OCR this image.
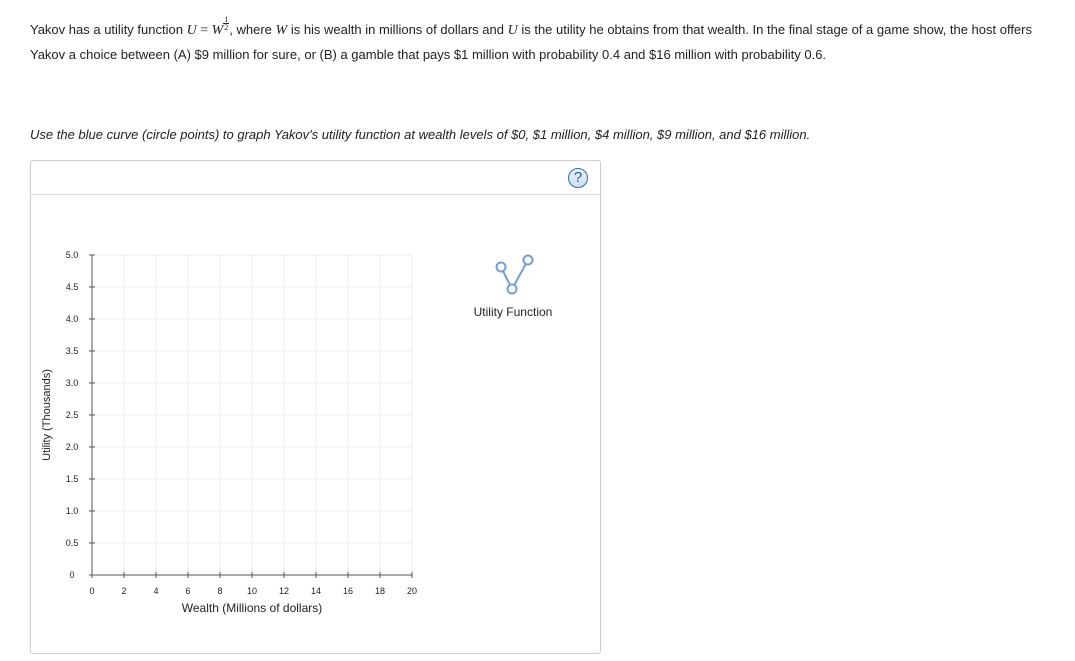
Yakov has a utility function U = W $\frac{1}{2}$ , where W is his wealth in millions of dollars and U is the utility he obtains from that wealth. In the final stage of a game show, the host offers Yakov a choice between (A) $9 million for sure, or (B) a gamble that pays $1 million with probability 0.4 and $16 million with probability 0.6.
Use the blue curve (circle points) to graph Yakov's utility function at wealth levels of $0, $1 million, $4 million, $9 million, and $16 million.
?
0
0.5
1.0
1.5
2.0
2.5
3.0
3.5
4.0
4.5
5.0
0	2	4	6	8	10 12 14 16 18 20
Utility (Thousands)
Wealth (Millions of dollars)
Utility Function
